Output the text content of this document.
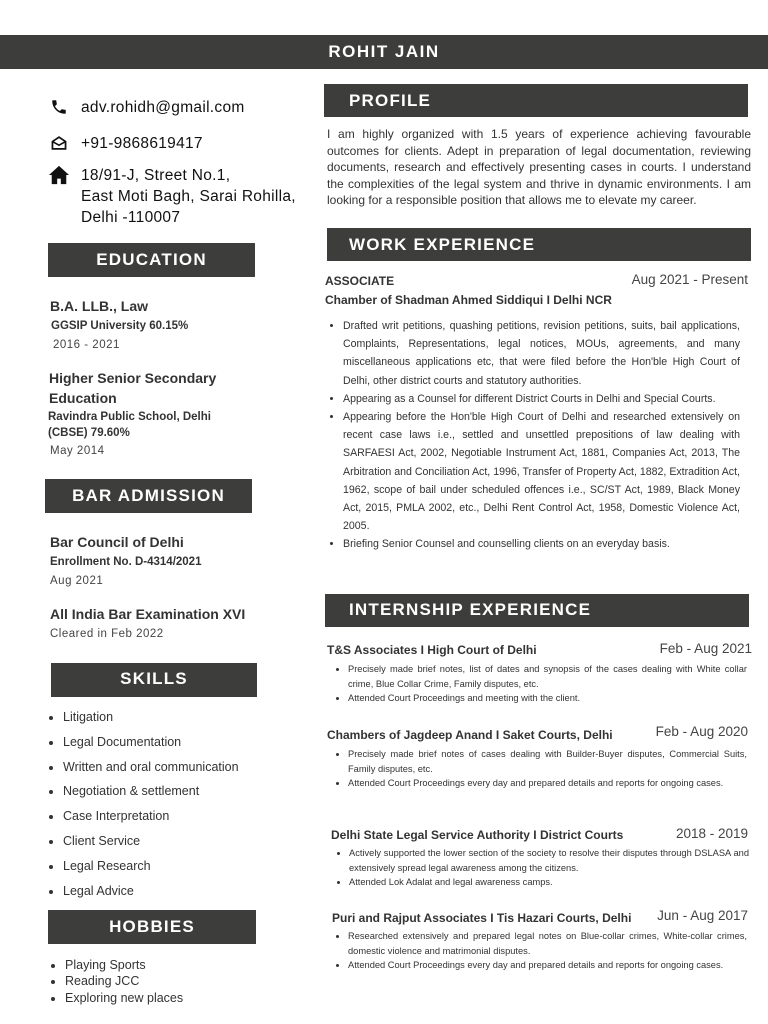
ROHIT JAIN
adv.rohidh@gmail.com
+91-9868619417
18/91-J, Street No.1,
East Moti Bagh, Sarai Rohilla,
Delhi -110007
EDUCATION
B.A. LLB., Law
GGSIP University 60.15%
2016 - 2021
Higher Senior Secondary
Education
Ravindra Public School, Delhi
(CBSE) 79.60%
May 2014
BAR ADMISSION
Bar Council of Delhi
Enrollment No. D-4314/2021
Aug 2021
All India Bar Examination XVI
Cleared in Feb 2022
SKILLS
• Litigation
• Legal Documentation
• Written and oral communication
• Negotiation & settlement
• Case Interpretation
• Client Service
• Legal Research
• Legal Advice
HOBBIES
• Playing Sports
• Reading JCC
• Exploring new places
PROFILE

I am highly organized with 1.5 years of experience achieving favourable outcomes for clients. Adept in preparation of legal documentation, reviewing documents, research and effectively presenting cases in courts. I understand the complexities of the legal system and thrive in dynamic environments. I am looking for a responsible position that allows me to elevate my career.

WORK EXPERIENCE
ASSOCIATE	Aug 2021 - Present
Chamber of Shadman Ahmed Siddiqui I Delhi NCR
• Drafted writ petitions, quashing petitions, revision petitions, suits, bail applications, Complaints, Representations, legal notices, MOUs, agreements, and many miscellaneous applications etc, that were filed before the Hon'ble High Court of Delhi, other district courts and statutory authorities.
• Appearing as a Counsel for different District Courts in Delhi and Special Courts.
• Appearing before the Hon'ble High Court of Delhi and researched extensively on recent case laws i.e., settled and unsettled prepositions of law dealing with SARFAESI Act, 2002, Negotiable Instrument Act, 1881, Companies Act, 2013, The Arbitration and Conciliation Act, 1996, Transfer of Property Act, 1882, Extradition Act, 1962, scope of bail under scheduled offences i.e., SC/ST Act, 1989, Black Money Act, 2015, PMLA 2002, etc., Delhi Rent Control Act, 1958, Domestic Violence Act, 2005.
• Briefing Senior Counsel and counselling clients on an everyday basis.
INTERNSHIP EXPERIENCE
T&S Associates I High Court of Delhi	Feb - Aug 2021
• Precisely made brief notes, list of dates and synopsis of the cases dealing with White collar crime, Blue Collar Crime, Family disputes, etc.
• Attended Court Proceedings and meeting with the client.
Chambers of Jagdeep Anand I Saket Courts, Delhi	Feb - Aug 2020
• Precisely made brief notes of cases dealing with Builder-Buyer disputes, Commercial Suits, Family disputes, etc.
• Attended Court Proceedings every day and prepared details and reports for ongoing cases.
Delhi State Legal Service Authority I District Courts	2018 - 2019
• Actively supported the lower section of the society to resolve their disputes through DSLASA and extensively spread legal awareness among the citizens.
• Attended Lok Adalat and legal awareness camps.
Puri and Rajput Associates I Tis Hazari Courts, Delhi Jun - Aug 2017
• Researched extensively and prepared legal notes on Blue-collar crimes, White-collar crimes, domestic violence and matrimonial disputes.
• Attended Court Proceedings every day and prepared details and reports for ongoing cases.
